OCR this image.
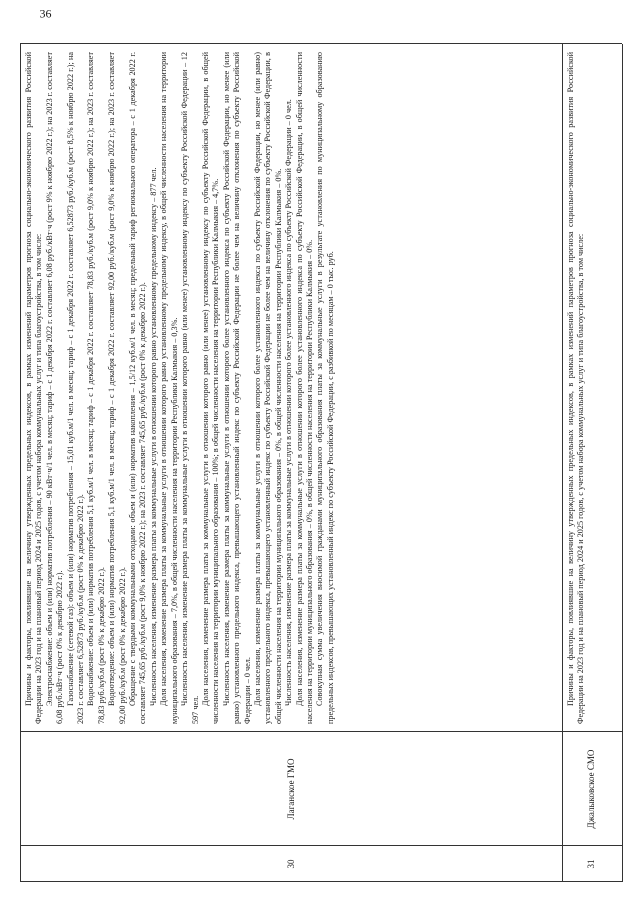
30
Лаганское ГМО

Причины и факторы, повлиявшие на величину утвержденных предельных индексов, в рамках изменений параметров прогноза социально-экономического развития Российской Федерации на 2023 год и на плановый период 2024 и 2025 годов, с учетом набора коммунальных услуг и типа благоустройства, в том числе: Электроснабжение: объем и (или) норматив потребления – 90 кВт·ч/1 чел. в месяц; тариф – с 1 декабря 2022 г. составляет 6,08 руб./кВт·ч (рост 9% к ноябрю 2022 г.); на 2023 г. составляет 6,08 руб./кВт·ч (рост 0% к декабрю 2022 г.). Газоснабжение (сетевой газ): объем и (или) норматив потребления – 15,01 куб.м/1 чел. в месяц; тариф – с 1 декабря 2022 г. составляет 6,52873 руб./куб.м (рост 8,5% к ноябрю 2022 г.); на 2023 г. составляет 6,52873 руб./куб.м (рост 0% к декабрю 2022 г.). Водоснабжение: объем и (или) норматив потребления 5,1 куб.м/1 чел. в месяц; тариф – с 1 декабря 2022 г. составляет 78,83 руб./куб.м (рост 9,0% к ноябрю 2022 г.); на 2023 г. составляет 78,83 руб./куб.м (рост 0% к декабрю 2022 г.). Водоотведение: объем и (или) норматив потребления 5,1 куб.м/1 чел. в месяц; тариф – с 1 декабря 2022 г. составляет 92,00 руб./куб.м (рост 9,0% к ноябрю 2022 г.); на 2023 г. составляет 92,00 руб./куб.м (рост 0% к декабрю 2022 г.). Обращение с твердыми коммунальными отходами: объем и (или) норматив накопления – 1,5/12 куб.м/1 чел. в месяц; предельный тариф регионального оператора – с 1 декабря 2022 г. составляет 745,65 руб./куб.м (рост 9,0% к ноябрю 2022 г.); на 2023 г. составляет 745,65 руб./куб.м (рост 0% к декабрю 2022 г.). Численность населения, изменение размера платы за коммунальные услуги в отношении которого равно установленному предельному индексу – 877 чел. Доля населения, изменение размера платы за коммунальные услуги в отношении которого равно установленному предельному индексу, в общей численности населения на территории муниципального образования – 7,0%, в общей численности населения на территории Республики Калмыкия – 0,3%. Численность населения, изменение размера платы за коммунальные услуги в отношении которого равно (или менее) установленному индексу по субъекту Российской Федерации – 12 597 чел.

Доля населения, изменение размера платы за коммунальные услуги в отношении которого равно (или менее) установленному индексу по субъекту Российской Федерации, в общей численности населения на территории муниципального образования – 100%; в общей численности населения на территории Республики Калмыкия – 4,7%. Численность населения, изменение размера платы за коммунальные услуги в отношении которого более установленного индекса по субъекту Российской Федерации, но менее (или равно) установленного предельного индекса, превышающего установленный индекс по субъекту Российской Федерации не более чем на величину отклонения по субъекту Российской Федерации – 0 чел. Доля населения, изменение размера платы за коммунальные услуги в отношении которого более установленного индекса по субъекту Российской Федерации, но менее (или равно) установленного предельного индекса, превышающего установленный индекс по субъекту Российской Федерации не более чем на величину отклонения по субъекту Российской Федерации, в общей численности населения на территории муниципального образования – 0%, в общей численности населения на территории Республики Калмыкия – 0%. Численность населения, изменение размера платы за коммунальные услуги в отношении которого более установленного индекса по субъекту Российской Федерации – 0 чел. Доля населения, изменение размера платы за коммунальные услуги в отношении которого более установленного индекса по субъекту Российской Федерации, в общей численности населения на территории муниципального образования – 0%, в общей численности населения на территории Республики Калмыкия – 0%. Совокупная сумма увеличения вносимой гражданами муниципального образования платы за коммунальные услуги в результате установления по муниципальному образованию предельных индексов, превышающих установленный индекс по субъекту Российской Федерации, с разбивкой по месяцам – 0 тыс. руб.

31
Джалыковское СМО

Причины и факторы, повлиявшие на величину утвержденных предельных индексов, в рамках изменений параметров прогноза социально-экономического развития Российской Федерации на 2023 год и на плановый период 2024 и 2025 годов, с учетом набора коммунальных услуг и типа благоустройства, в том числе:

36
